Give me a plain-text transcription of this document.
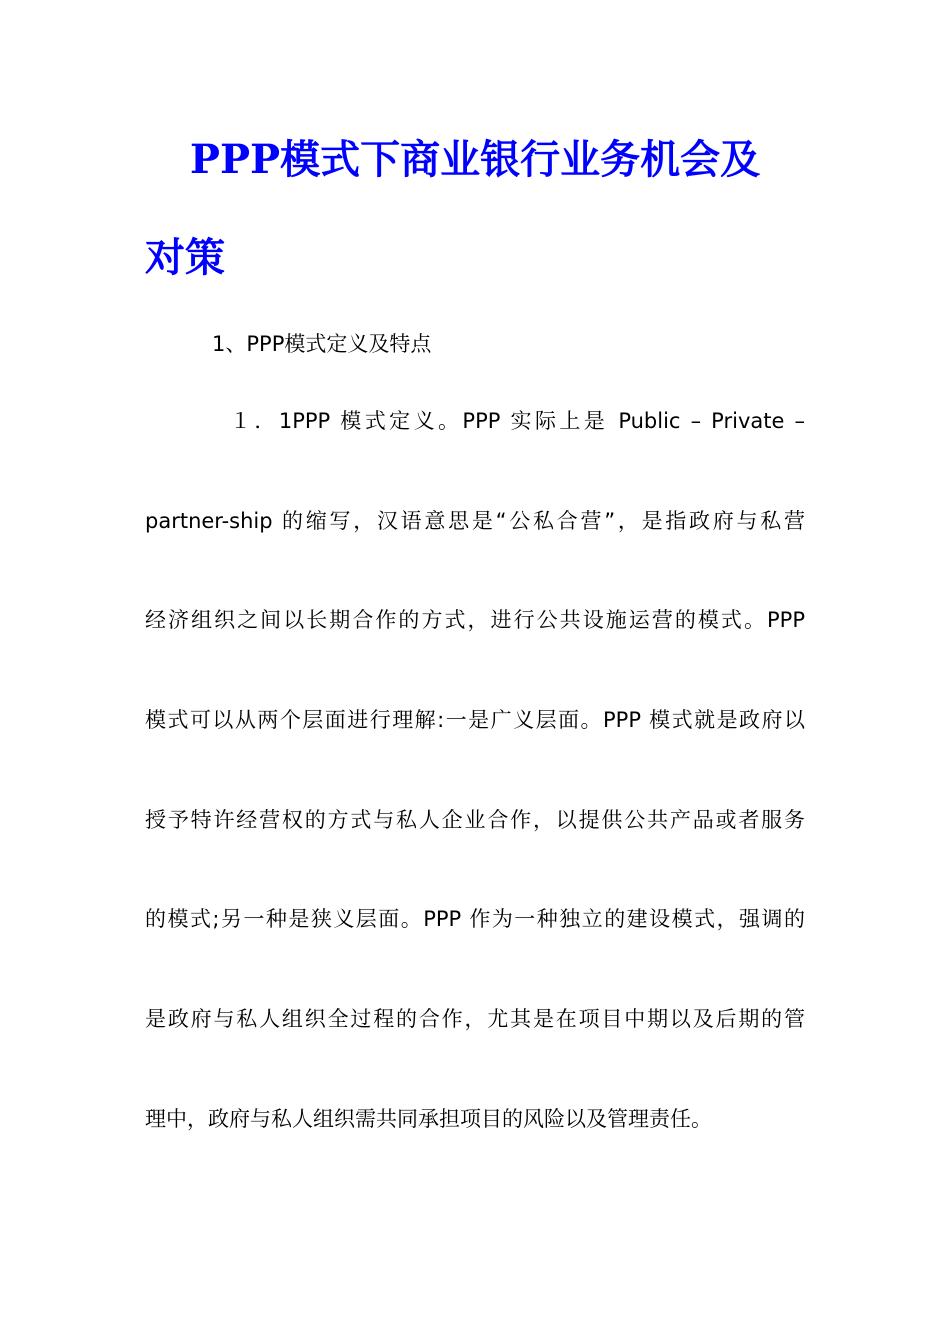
PPP模式下商业银行业务机会及
对策

1、PPP模式定义及特点

１．1PPP 模式定义。PPP 实际上是 Public – Private –

partner-ship 的缩写，汉语意思是“公私合营”，是指政府与私营

经济组织之间以长期合作的方式，进行公共设施运营的模式。PPP

模式可以从两个层面进行理解:一是广义层面。PPP 模式就是政府以

授予特许经营权的方式与私人企业合作，以提供公共产品或者服务

的模式;另一种是狭义层面。PPP 作为一种独立的建设模式，强调的

是政府与私人组织全过程的合作，尤其是在项目中期以及后期的管

理中，政府与私人组织需共同承担项目的风险以及管理责任。
